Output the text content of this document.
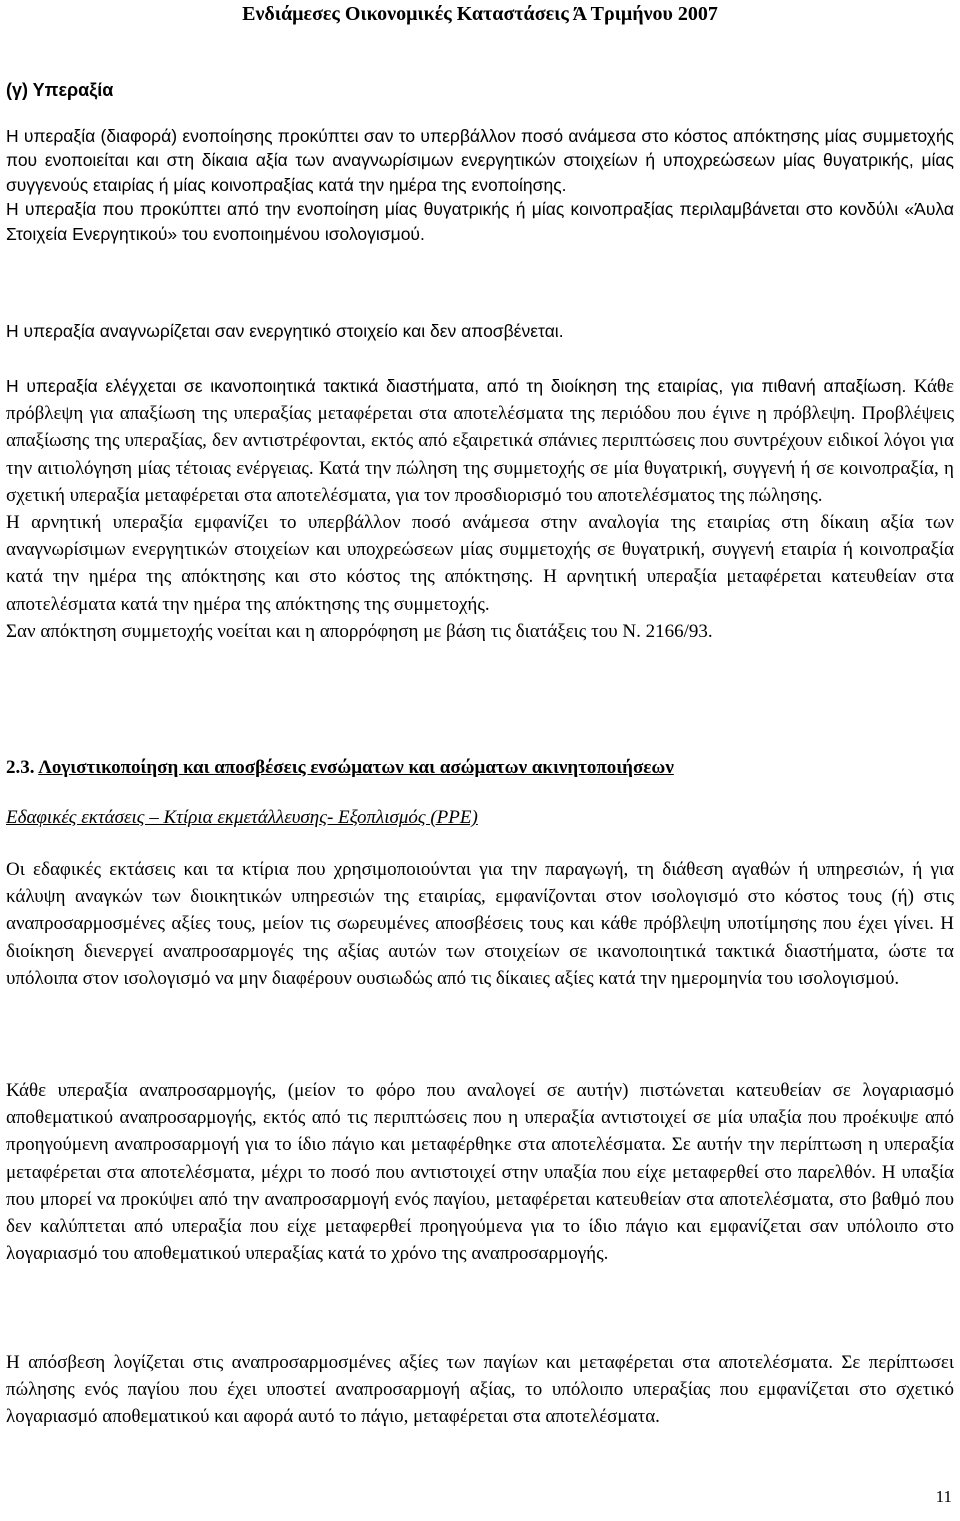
Ενδιάμεσες Οικονομικές Καταστάσεις Ά Τριμήνου 2007
(γ) Υπεραξία

Η υπεραξία (διαφορά) ενοποίησης προκύπτει σαν το υπερβάλλον ποσό ανάμεσα στο κόστος απόκτησης μίας συμμετοχής που ενοποιείται και στη δίκαια αξία των αναγνωρίσιμων ενεργητικών στοιχείων ή υποχρεώσεων μίας θυγατρικής, μίας συγγενούς εταιρίας ή μίας κοινοπραξίας κατά την ημέρα της ενοποίησης.

Η υπεραξία που προκύπτει από την ενοποίηση μίας θυγατρικής ή μίας κοινοπραξίας περιλαμβάνεται στο κονδύλι «Άυλα Στοιχεία Ενεργητικού» του ενοποιημένου ισολογισμού.

Η υπεραξία αναγνωρίζεται σαν ενεργητικό στοιχείο και δεν αποσβένεται.

Η υπεραξία ελέγχεται σε ικανοποιητικά τακτικά διαστήματα, από τη διοίκηση της εταιρίας, για πιθανή απαξίωση. Κάθε πρόβλεψη για απαξίωση της υπεραξίας μεταφέρεται στα αποτελέσματα της περιόδου που έγινε η πρόβλεψη. Προβλέψεις απαξίωσης της υπεραξίας, δεν αντιστρέφονται, εκτός από εξαιρετικά σπάνιες περιπτώσεις που συντρέχουν ειδικοί λόγοι για την αιτιολόγηση μίας τέτοιας ενέργειας. Κατά την πώληση της συμμετοχής σε μία θυγατρική, συγγενή ή σε κοινοπραξία, η σχετική υπεραξία μεταφέρεται στα αποτελέσματα, για τον προσδιορισμό του αποτελέσματος της πώλησης.

Η αρνητική υπεραξία εμφανίζει το υπερβάλλον ποσό ανάμεσα στην αναλογία της εταιρίας στη δίκαιη αξία των αναγνωρίσιμων ενεργητικών στοιχείων και υποχρεώσεων μίας συμμετοχής σε θυγατρική, συγγενή εταιρία ή κοινοπραξία κατά την ημέρα της απόκτησης και στο κόστος της απόκτησης. Η αρνητική υπεραξία μεταφέρεται κατευθείαν στα αποτελέσματα κατά την ημέρα της απόκτησης της συμμετοχής.

Σαν απόκτηση συμμετοχής νοείται και η απορρόφηση με βάση τις διατάξεις του Ν. 2166/93.

2.3. Λογιστικοποίηση και αποσβέσεις ενσώματων και ασώματων ακινητοποιήσεων
Εδαφικές εκτάσεις – Κτίρια εκμετάλλευσης- Εξοπλισμός (PPE)
Οι εδαφικές εκτάσεις και τα κτίρια που χρησιμοποιούνται για την παραγωγή, τη διάθεση αγαθών ή υπηρεσιών, ή για κάλυψη αναγκών των διοικητικών υπηρεσιών της εταιρίας, εμφανίζονται στον ισολογισμό στο κόστος τους (ή) στις αναπροσαρμοσμένες αξίες τους, μείον τις σωρευμένες αποσβέσεις τους και κάθε πρόβλεψη υποτίμησης που έχει γίνει. Η διοίκηση διενεργεί αναπροσαρμογές της αξίας αυτών των στοιχείων σε ικανοποιητικά τακτικά διαστήματα, ώστε τα υπόλοιπα στον ισολογισμό να μην διαφέρουν ουσιωδώς από τις δίκαιες αξίες κατά την ημερομηνία του ισολογισμού.
Κάθε υπεραξία αναπροσαρμογής, (μείον το φόρο που αναλογεί σε αυτήν) πιστώνεται κατευθείαν σε λογαριασμό αποθεματικού αναπροσαρμογής, εκτός από τις περιπτώσεις που η υπεραξία αντιστοιχεί σε μία υπαξία που προέκυψε από προηγούμενη αναπροσαρμογή για το ίδιο πάγιο και μεταφέρθηκε στα αποτελέσματα. Σε αυτήν την περίπτωση η υπεραξία μεταφέρεται στα αποτελέσματα, μέχρι το ποσό που αντιστοιχεί στην υπαξία που είχε μεταφερθεί στο παρελθόν. Η υπαξία που μπορεί να προκύψει από την αναπροσαρμογή ενός παγίου, μεταφέρεται κατευθείαν στα αποτελέσματα, στο βαθμό που δεν καλύπτεται από υπεραξία που είχε μεταφερθεί προηγούμενα για το ίδιο πάγιο και εμφανίζεται σαν υπόλοιπο στο λογαριασμό του αποθεματικού υπεραξίας κατά το χρόνο της αναπροσαρμογής.
Η απόσβεση λογίζεται στις αναπροσαρμοσμένες αξίες των παγίων και μεταφέρεται στα αποτελέσματα. Σε περίπτωσει πώλησης ενός παγίου που έχει υποστεί αναπροσαρμογή αξίας, το υπόλοιπο υπεραξίας που εμφανίζεται στο σχετικό λογαριασμό αποθεματικού και αφορά αυτό το πάγιο, μεταφέρεται στα αποτελέσματα.
11
